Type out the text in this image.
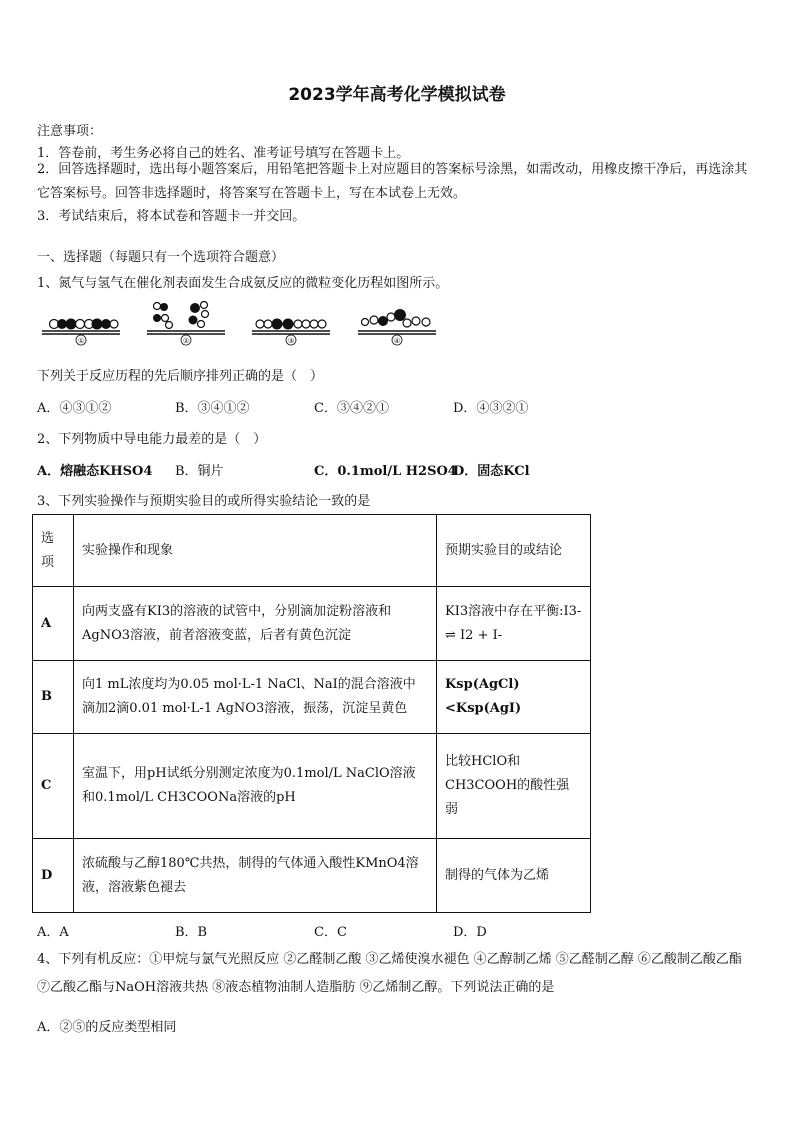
2023学年高考化学模拟试卷
注意事项：
1．答卷前，考生务必将自己的姓名、准考证号填写在答题卡上。
2．回答选择题时，选出每小题答案后，用铅笔把答题卡上对应题目的答案标号涂黑，如需改动，用橡皮擦干净后，再选涂其它答案标号。回答非选择题时，将答案写在答题卡上，写在本试卷上无效。
3．考试结束后，将本试卷和答题卡一并交回。
一、选择题（每题只有一个选项符合题意）
1、氮气与氢气在催化剂表面发生合成氨反应的微粒变化历程如图所示。
①	②	③	④
下列关于反应历程的先后顺序排列正确的是（　）
A．④③①②	B．③④①②	C．③④②①	D．④③②①
2、下列物质中导电能力最差的是（　）
A．熔融态KHSO4 B．铜片	C．0.1mol/L H2SO4
D．固态KCl
3、下列实验操作与预期实验目的或所得实验结论一致的是
选项	实验操作和现象	预期实验目的或结论
A	向两支盛有KI3的溶液的试管中，分别滴加淀粉溶液和AgNO3溶液，前者溶液变蓝，后者有黄色沉淀	KI3溶液中存在平衡:I3- ⇌ I2 + I-
B	向1 mL浓度均为0.05 mol·L-1 NaCl、NaI的混合溶液中滴加2滴0.01 mol·L-1 AgNO3溶液，振荡，沉淀呈黄色	Ksp(AgCl)<Ksp(AgI)
C	室温下，用pH试纸分别测定浓度为0.1mol/L NaClO溶液和0.1mol/L CH3COONa溶液的pH	比较HClO和CH3COOH的酸性强弱
D	浓硫酸与乙醇180℃共热，制得的气体通入酸性KMnO4溶液，溶液紫色褪去	制得的气体为乙烯
A．A	B．B	C．C	D．D
4、下列有机反应：①甲烷与氯气光照反应 ②乙醛制乙酸 ③乙烯使溴水褪色 ④乙醇制乙烯 ⑤乙醛制乙醇 ⑥乙酸制乙酸乙酯 ⑦乙酸乙酯与NaOH溶液共热 ⑧液态植物油制人造脂肪 ⑨乙烯制乙醇。下列说法正确的是
A．②⑤的反应类型相同
